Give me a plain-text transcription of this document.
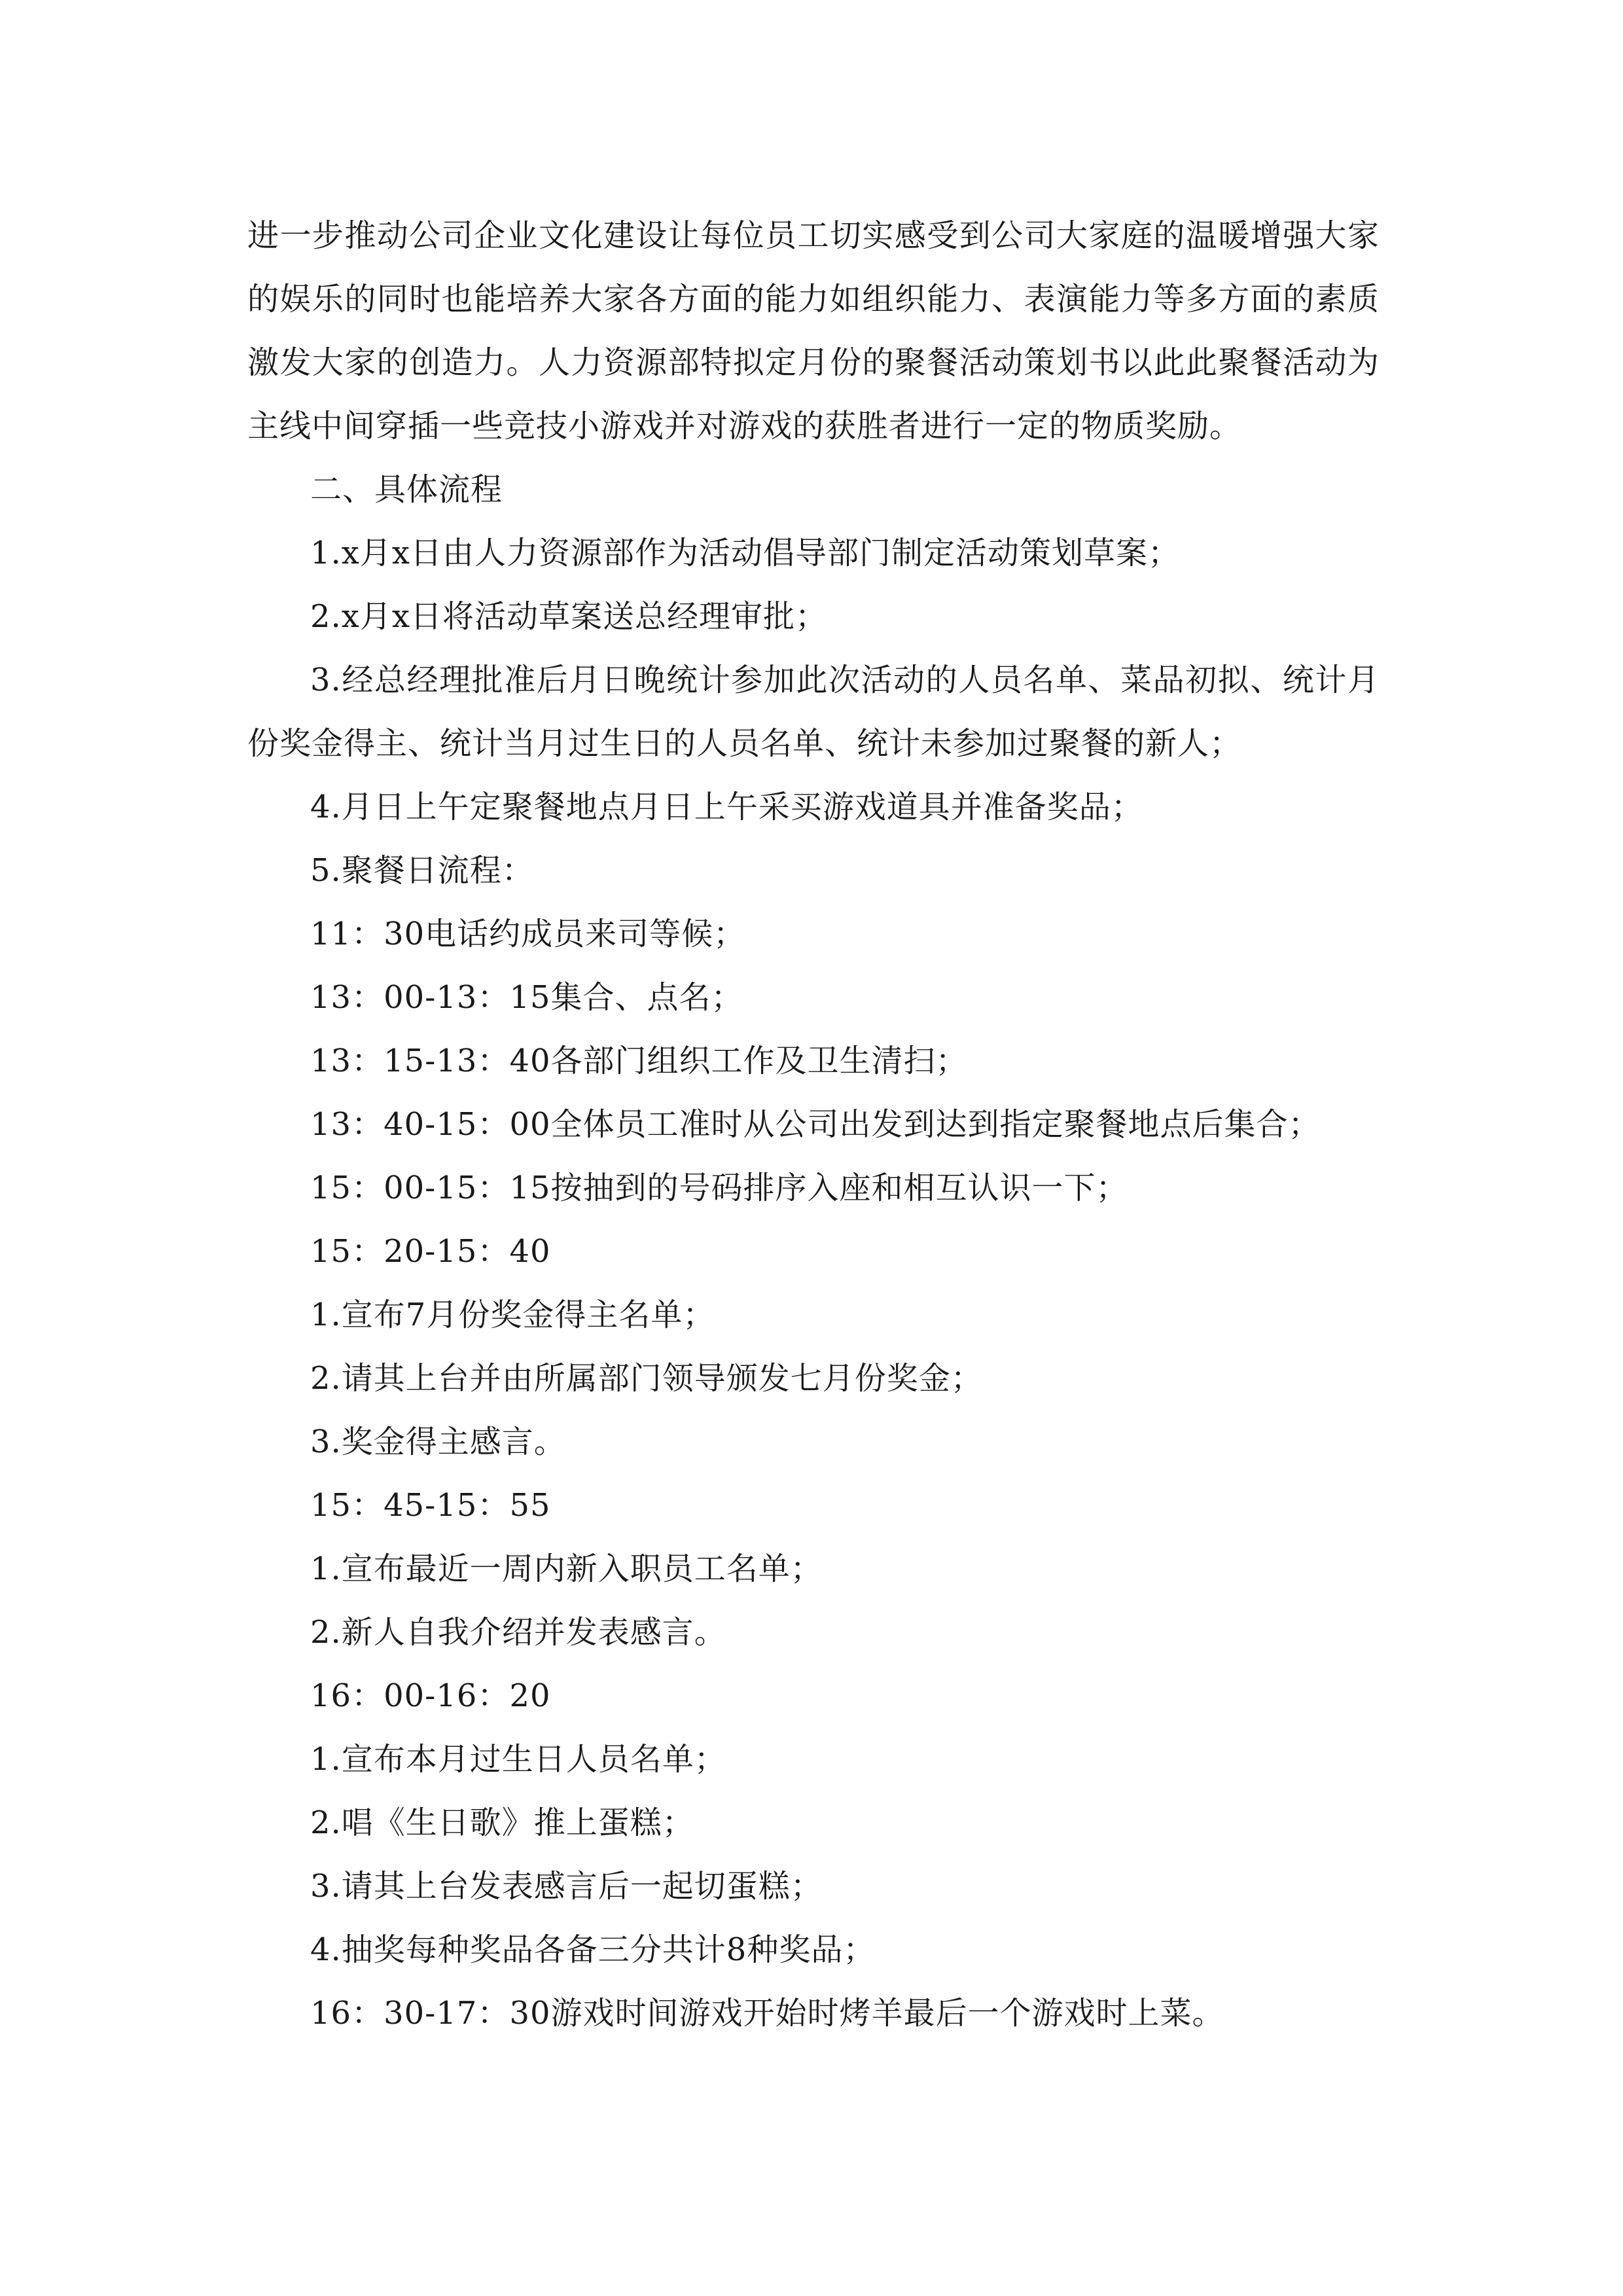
进一步推动公司企业文化建设让每位员工切实感受到公司大家庭的温暖增强大家的娱乐的同时也能培养大家各方面的能力如组织能力、表演能力等多方面的素质激发大家的创造力。人力资源部特拟定月份的聚餐活动策划书以此此聚餐活动为主线中间穿插一些竞技小游戏并对游戏的获胜者进行一定的物质奖励。

二、具体流程

1.x月x日由人力资源部作为活动倡导部门制定活动策划草案；

2.x月x日将活动草案送总经理审批；

3.经总经理批准后月日晚统计参加此次活动的人员名单、菜品初拟、统计月份奖金得主、统计当月过生日的人员名单、统计未参加过聚餐的新人；

4.月日上午定聚餐地点月日上午采买游戏道具并准备奖品；

5.聚餐日流程：

11：30电话约成员来司等候；

13：00-13：15集合、点名；

13：15-13：40各部门组织工作及卫生清扫；

13：40-15：00全体员工准时从公司出发到达到指定聚餐地点后集合；

15：00-15：15按抽到的号码排序入座和相互认识一下；

15：20-15：40

1.宣布7月份奖金得主名单；

2.请其上台并由所属部门领导颁发七月份奖金；

3.奖金得主感言。

15：45-15：55

1.宣布最近一周内新入职员工名单；

2.新人自我介绍并发表感言。

16：00-16：20

1.宣布本月过生日人员名单；

2.唱《生日歌》推上蛋糕；

3.请其上台发表感言后一起切蛋糕；

4.抽奖每种奖品各备三分共计8种奖品；

16：30-17：30游戏时间游戏开始时烤羊最后一个游戏时上菜。
